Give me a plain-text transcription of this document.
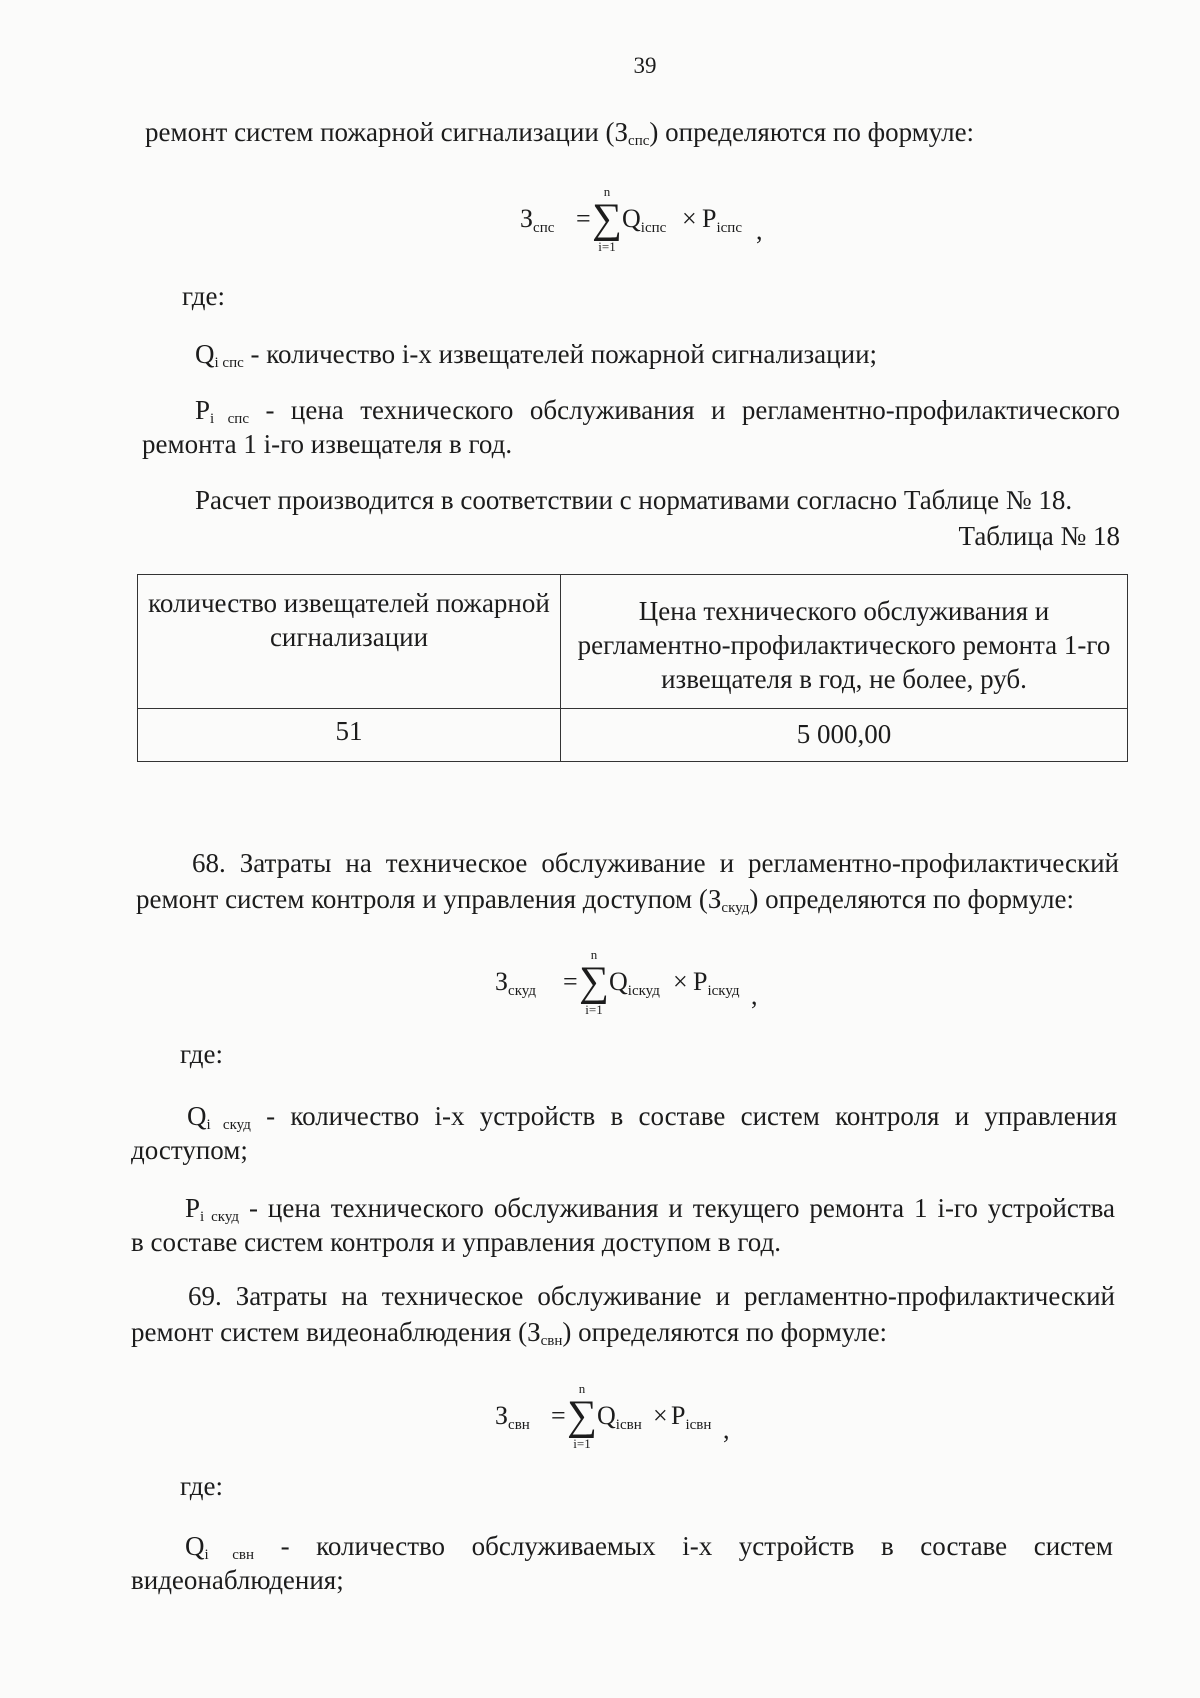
39
ремонт систем пожарной сигнализации $(З_{спс})$ определяются по формуле:
$З_{спс}$ =
n
∑
i=1
$Q_{iспс} \times P_{iспс}$ ,
где:
$Q_{i спс}$ - количество i-х извещателей пожарной сигнализации;
$P_{i спс}$ - цена технического обслуживания и регламентно-профилактического
ремонта 1 i-го извещателя в год.
Расчет производится в соответствии с нормативами согласно Таблице № 18.
Таблица № 18
количество извещателей пожарной сигнализации	Цена технического обслуживания и регламентно-профилактического ремонта 1-го извещателя в год, не более, руб.
51	5 000,00
68. Затраты на техническое обслуживание и регламентно-профилактический
ремонт систем контроля и управления доступом $(З_{скуд})$ определяются по формуле:
$З_{скуд}$ =
n
∑
i=1
$Q_{iскуд} \times P_{iскуд}$ ,
где:
$Q_{i скуд}$ - количество i-х устройств в составе систем контроля и управления
доступом;
$P_{i скуд}$ - цена технического обслуживания и текущего ремонта 1 i-го устройства
в составе систем контроля и управления доступом в год.
69. Затраты на техническое обслуживание и регламентно-профилактический
ремонт систем видеонаблюдения $(З_{свн})$ определяются по формуле:
$З_{свн}$ =
n
∑
i=1
$Q_{iсвн} \times P_{iсвн}$ ,
где:
$Q_{i свн}$ - количество обслуживаемых i-х устройств в составе систем
видеонаблюдения;
